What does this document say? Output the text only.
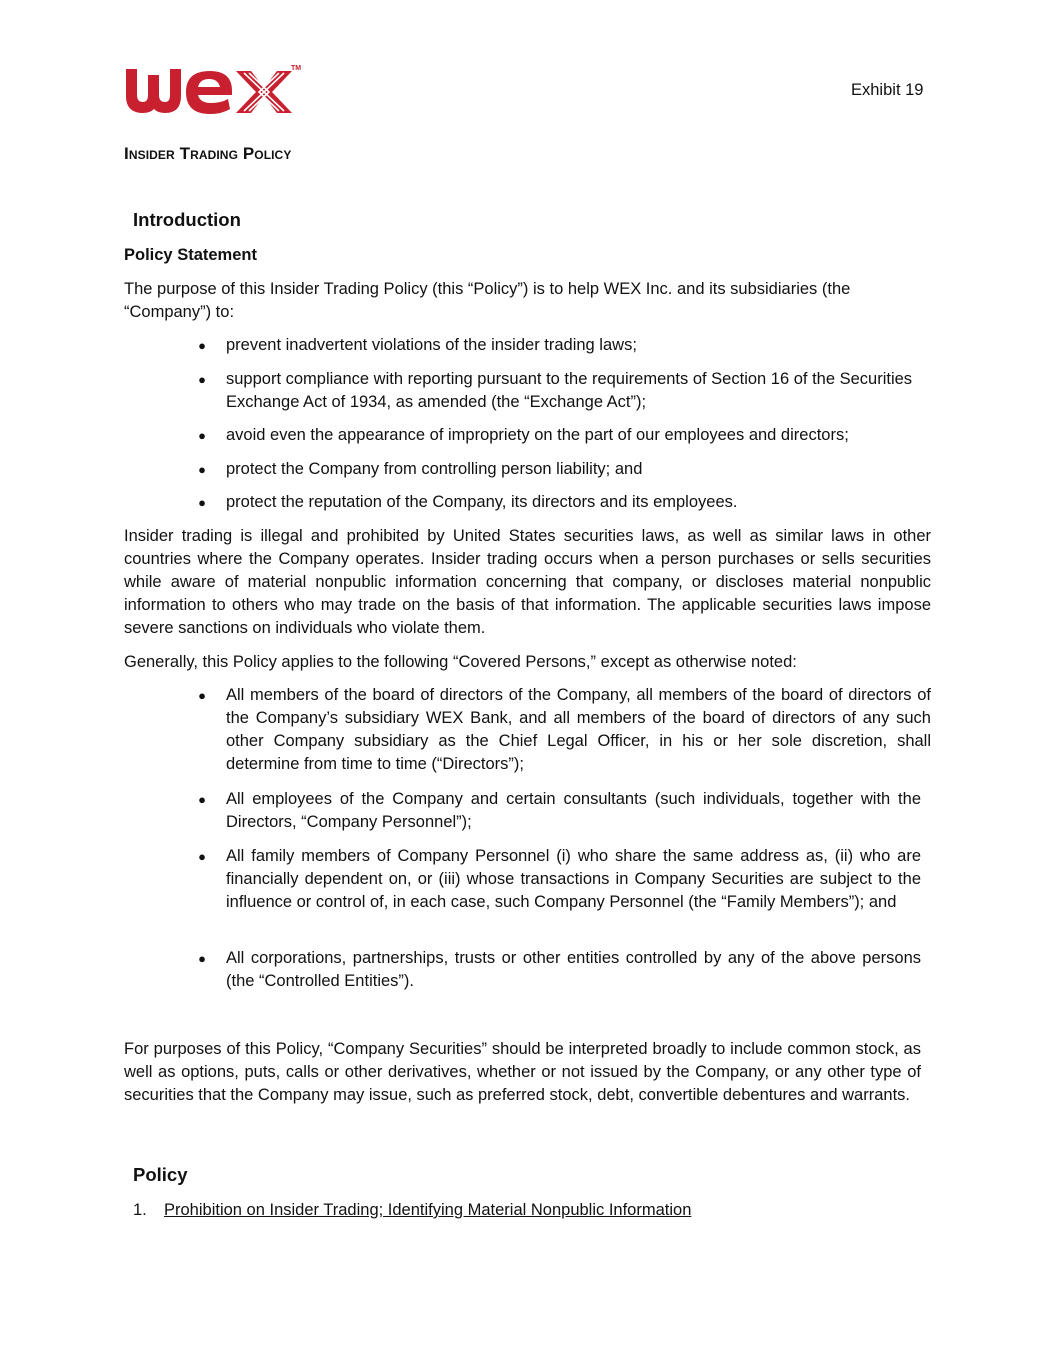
TM
Exhibit 19
Insider Trading Policy
Introduction
Policy Statement

The purpose of this Insider Trading Policy (this “Policy”) is to help WEX Inc. and its subsidiaries (the “Company”) to:

● prevent inadvertent violations of the insider trading laws;
● support compliance with reporting pursuant to the requirements of Section 16 of the Securities Exchange Act of 1934, as amended (the “Exchange Act”);
● avoid even the appearance of impropriety on the part of our employees and directors;
● protect the Company from controlling person liability; and
● protect the reputation of the Company, its directors and its employees.

Insider trading is illegal and prohibited by United States securities laws, as well as similar laws in other countries where the Company operates. Insider trading occurs when a person purchases or sells securities while aware of material nonpublic information concerning that company, or discloses material nonpublic information to others who may trade on the basis of that information. The applicable securities laws impose severe sanctions on individuals who violate them.

Generally, this Policy applies to the following “Covered Persons,” except as otherwise noted:

● All members of the board of directors of the Company, all members of the board of directors of the Company’s subsidiary WEX Bank, and all members of the board of directors of any such other Company subsidiary as the Chief Legal Officer, in his or her sole discretion, shall determine from time to time (“Directors”);
● All employees of the Company and certain consultants (such individuals, together with the Directors, “Company Personnel”);
● All family members of Company Personnel (i) who share the same address as, (ii) who are financially dependent on, or (iii) whose transactions in Company Securities are subject to the influence or control of, in each case, such Company Personnel (the “Family Members”); and
● All corporations, partnerships, trusts or other entities controlled by any of the above persons (the “Controlled Entities”).

For purposes of this Policy, “Company Securities” should be interpreted broadly to include common stock, as well as options, puts, calls or other derivatives, whether or not issued by the Company, or any other type of securities that the Company may issue, such as preferred stock, debt, convertible debentures and warrants.

Policy
1. Prohibition on Insider Trading; Identifying Material Nonpublic Information
